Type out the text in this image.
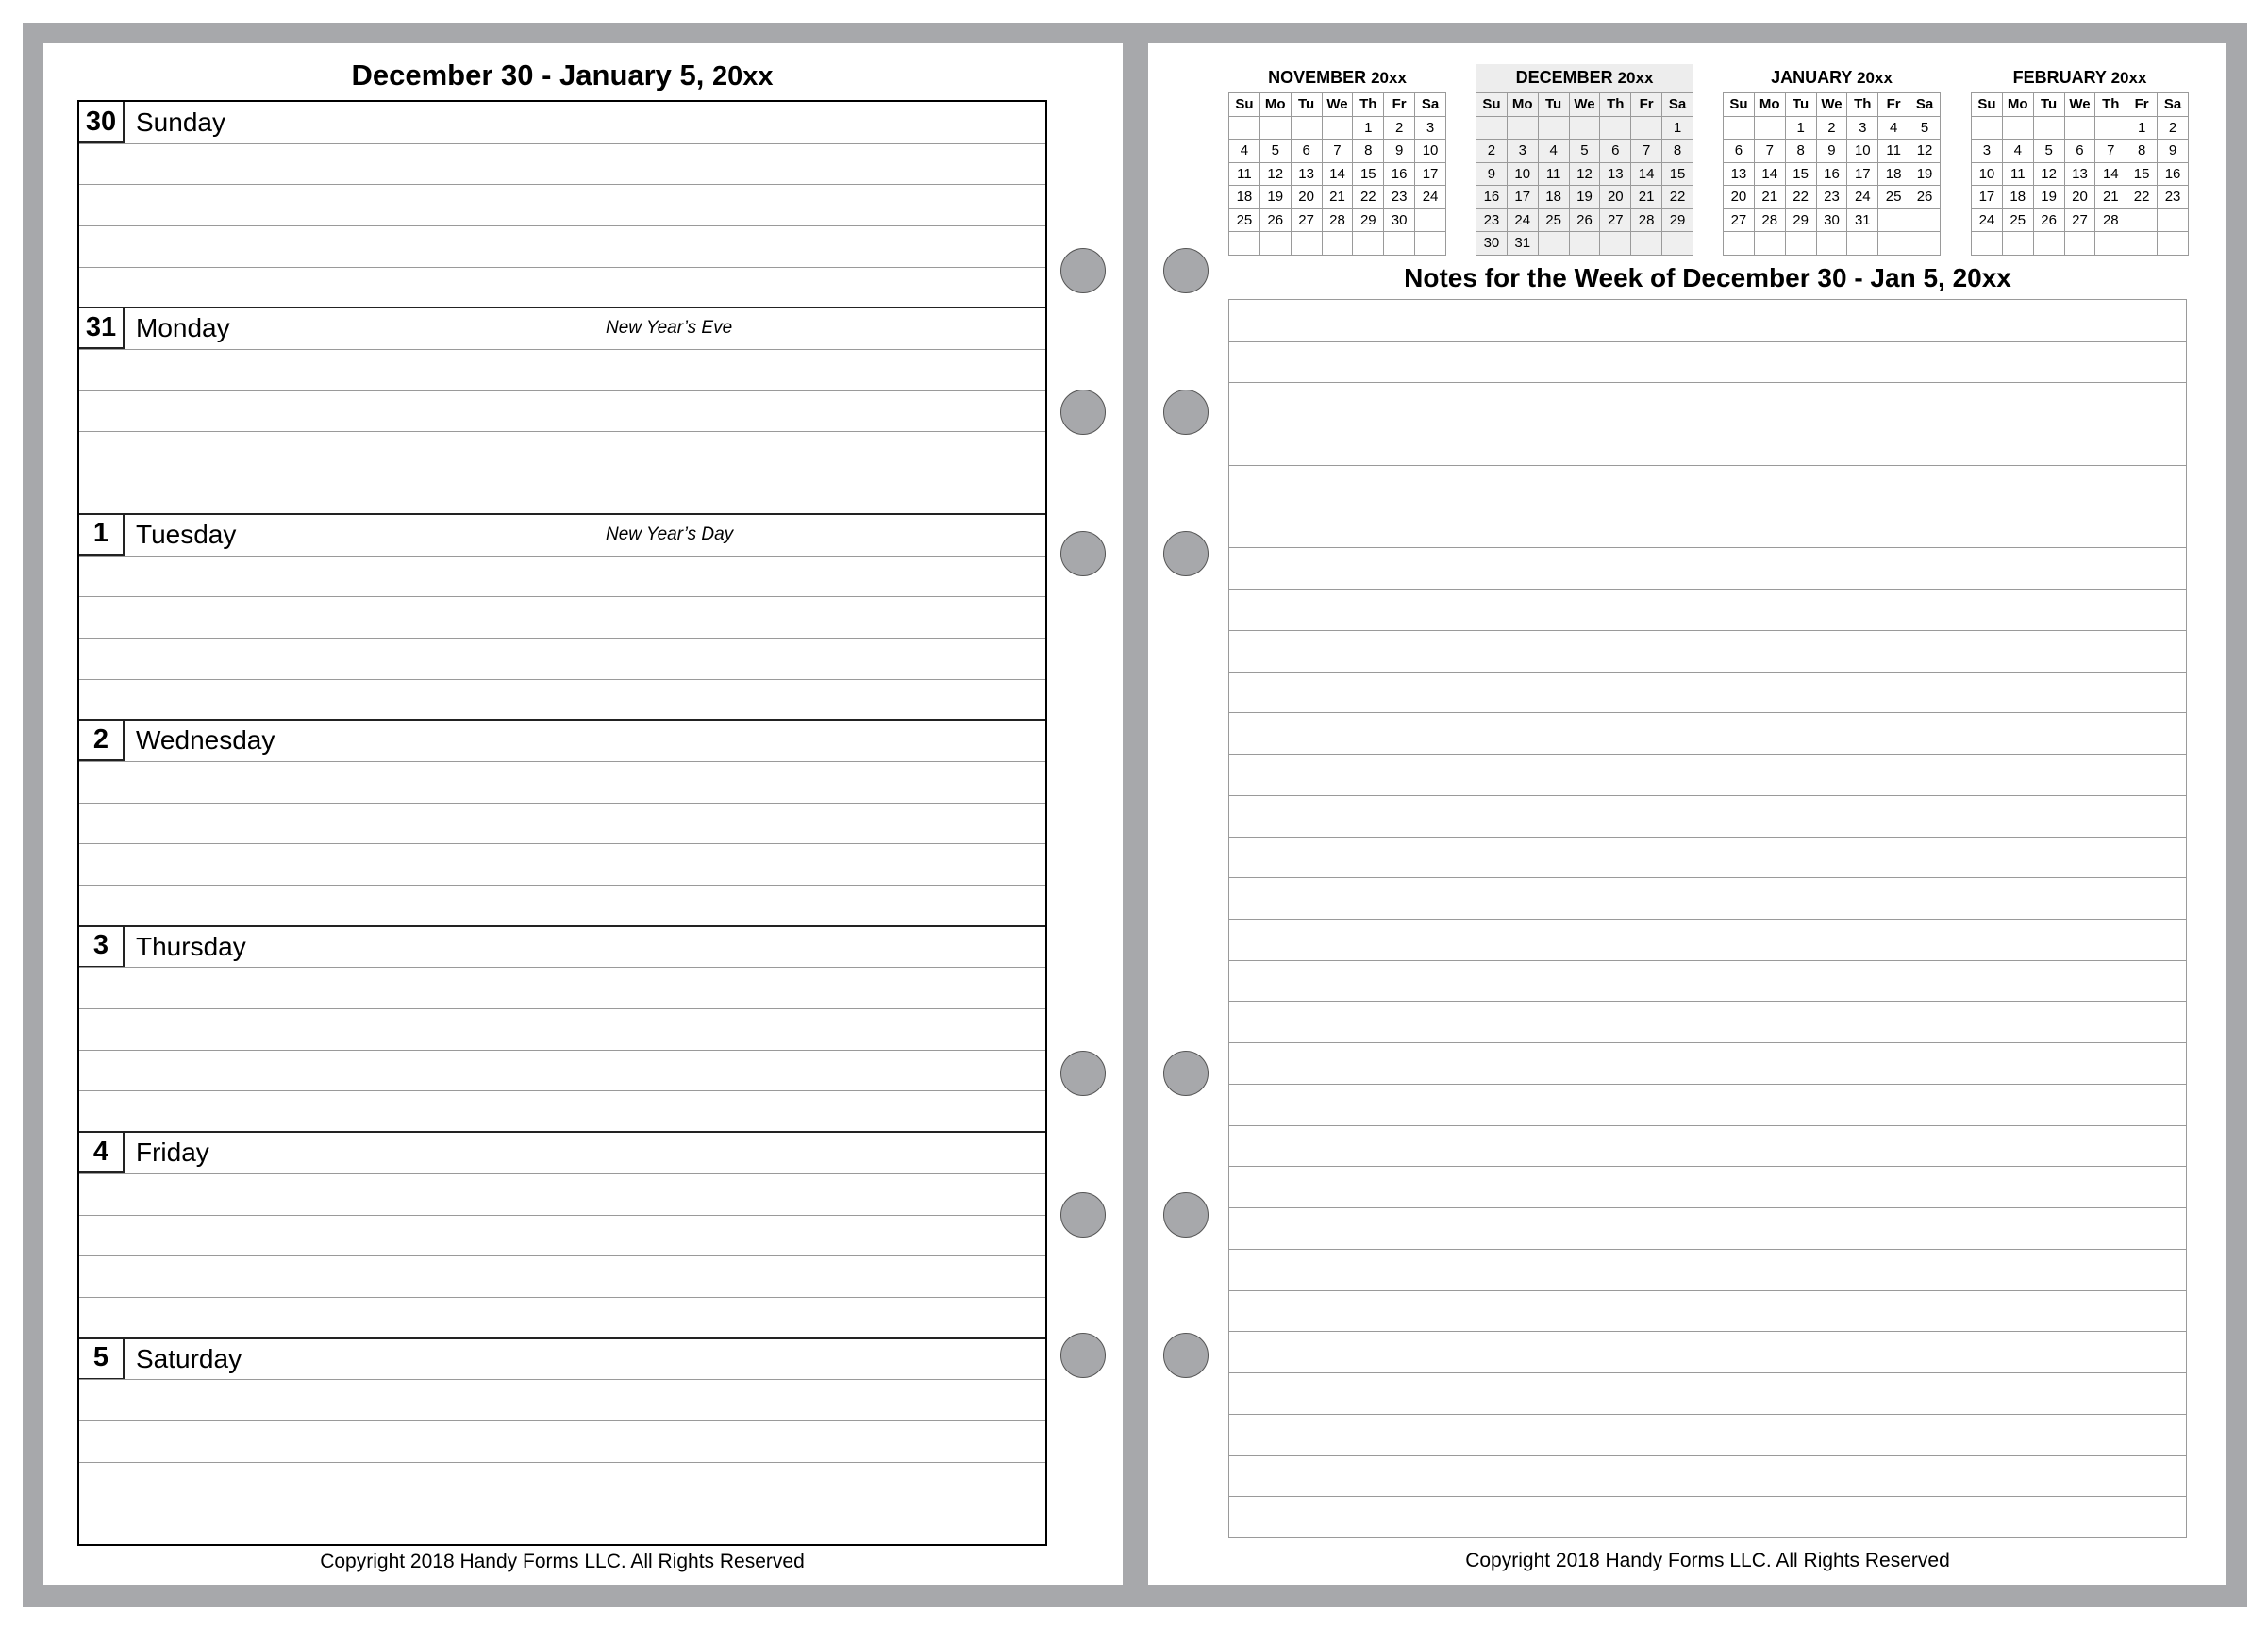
December 30 - January 5, 20xx
30 Sunday
31 Monday	New Year’s Eve
1	Tuesday	New Year’s Day
2	Wednesday
3	Thursday
4	Friday
5	Saturday
Copyright 2018 Handy Forms LLC. All Rights Reserved
NOVEMBER 20xx
Su	Mo	Tu	We	Th	Fr	Sa
				1	2	3
4	5	6	7	8	9	10
11	12	13	14	15	16	17
18	19	20	21	22	23	24
25	26	27	28	29	30	

DECEMBER 20xx
Su	Mo	Tu	We	Th	Fr	Sa
						1
2	3	4	5	6	7	8
9	10	11	12	13	14	15
16	17	18	19	20	21	22
23	24	25	26	27	28	29
30	31					
JANUARY 20xx
Su	Mo	Tu	We	Th	Fr	Sa
		1	2	3	4	5
6	7	8	9	10	11	12
13	14	15	16	17	18	19
20	21	22	23	24	25	26
27	28	29	30	31		

FEBRUARY 20xx
Su	Mo	Tu	We	Th	Fr	Sa
					1	2
3	4	5	6	7	8	9
10	11	12	13	14	15	16
17	18	19	20	21	22	23
24	25	26	27	28		

Notes for the Week of December 30 - Jan 5, 20xx
Copyright 2018 Handy Forms LLC. All Rights Reserved
